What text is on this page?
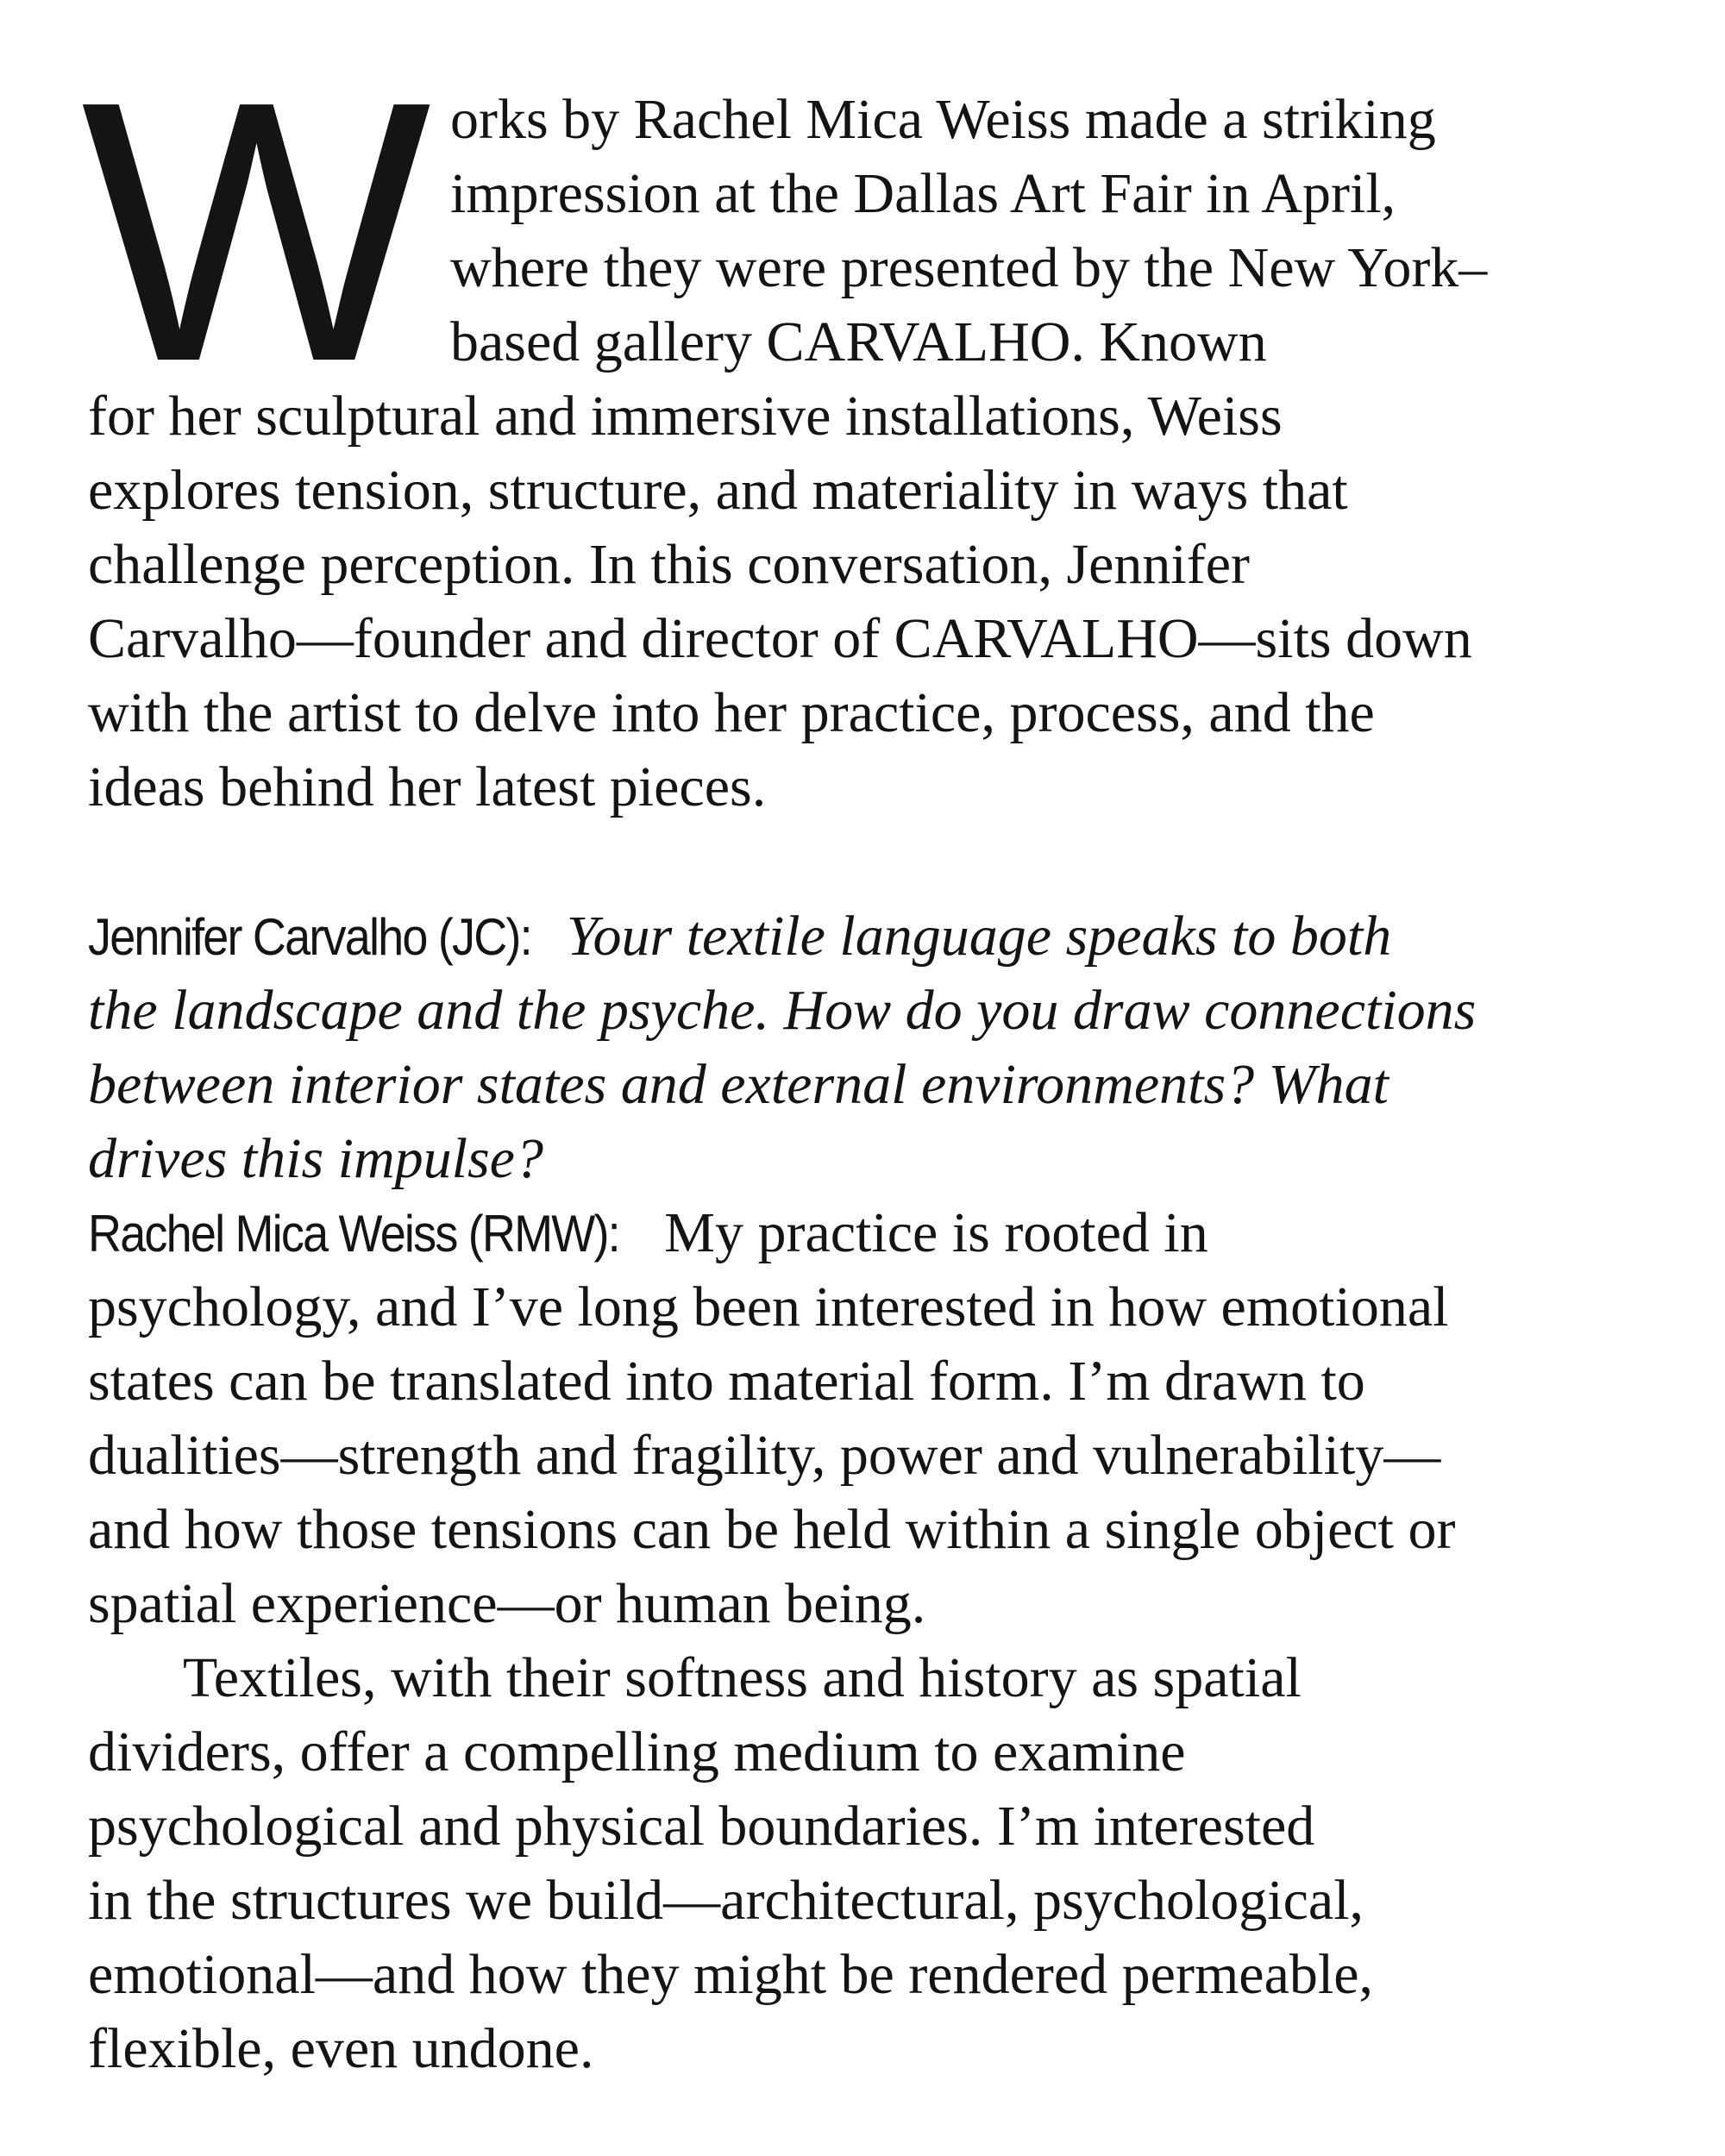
W orks by Rachel Mica Weiss made a striking
impression at the Dallas Art Fair in April,
where they were presented by the New York–
based gallery CARVALHO. Known
for her sculptural and immersive installations, Weiss
explores tension, structure, and materiality in ways that
challenge perception. In this conversation, Jennifer
Carvalho—founder and director of CARVALHO—sits down
with the artist to delve into her practice, process, and the
ideas behind her latest pieces.
Jennifer Carvalho (JC): Your textile language speaks to both
the landscape and the psyche. How do you draw connections
between interior states and external environments? What
drives this impulse?
Rachel Mica Weiss (RMW): My practice is rooted in
psychology, and I’ve long been interested in how emotional
states can be translated into material form. I’m drawn to
dualities—strength and fragility, power and vulnerability—
and how those tensions can be held within a single object or
spatial experience—or human being.
Textiles, with their softness and history as spatial
dividers, offer a compelling medium to examine
psychological and physical boundaries. I’m interested
in the structures we build—architectural, psychological,
emotional—and how they might be rendered permeable,
flexible, even undone.
